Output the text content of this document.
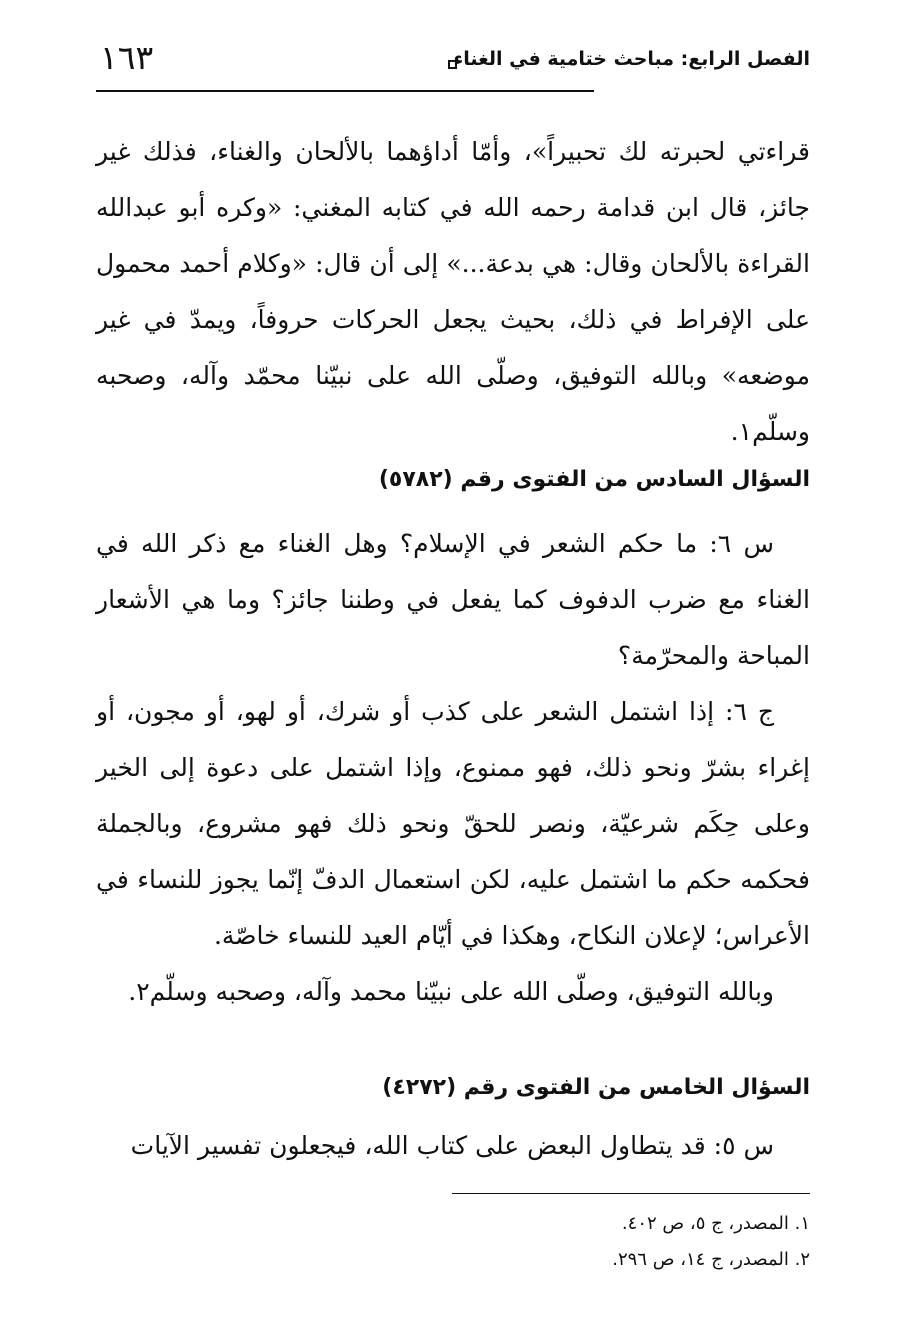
الفصل الرابع: مباحث ختامية في الغناء
١٦٣

قراءتي لحبرته لك تحبيراً»، وأمّا أداؤهما بالألحان والغناء، فذلك غير جائز، قال ابن قدامة رحمه الله في كتابه المغني: «وكره أبو عبدالله القراءة بالألحان وقال: هي بدعة...» إلى أن قال: «وكلام أحمد محمول على الإفراط في ذلك، بحيث يجعل الحركات حروفاً، ويمدّ في غير موضعه» وبالله التوفيق، وصلّى الله على نبيّنا محمّد وآله، وصحبه وسلّم١.

السؤال السادس من الفتوى رقم (٥٧٨٢)

س ٦: ما حكم الشعر في الإسلام؟ وهل الغناء مع ذكر الله في الغناء مع ضرب الدفوف كما يفعل في وطننا جائز؟ وما هي الأشعار المباحة والمحرّمة؟

ج ٦: إذا اشتمل الشعر على كذب أو شرك، أو لهو، أو مجون، أو إغراء بشرّ ونحو ذلك، فهو ممنوع، وإذا اشتمل على دعوة إلى الخير وعلى حِكَم شرعيّة، ونصر للحقّ ونحو ذلك فهو مشروع، وبالجملة فحكمه حكم ما اشتمل عليه، لكن استعمال الدفّ إنّما يجوز للنساء في الأعراس؛ لإعلان النكاح، وهكذا في أيّام العيد للنساء خاصّة.

وبالله التوفيق، وصلّى الله على نبيّنا محمد وآله، وصحبه وسلّم٢.

السؤال الخامس من الفتوى رقم (٤٢٧٢)

س ٥: قد يتطاول البعض على كتاب الله، فيجعلون تفسير الآيات

١. المصدر، ج ٥، ص ٤٠٢.

٢. المصدر، ج ١٤، ص ٢٩٦.
